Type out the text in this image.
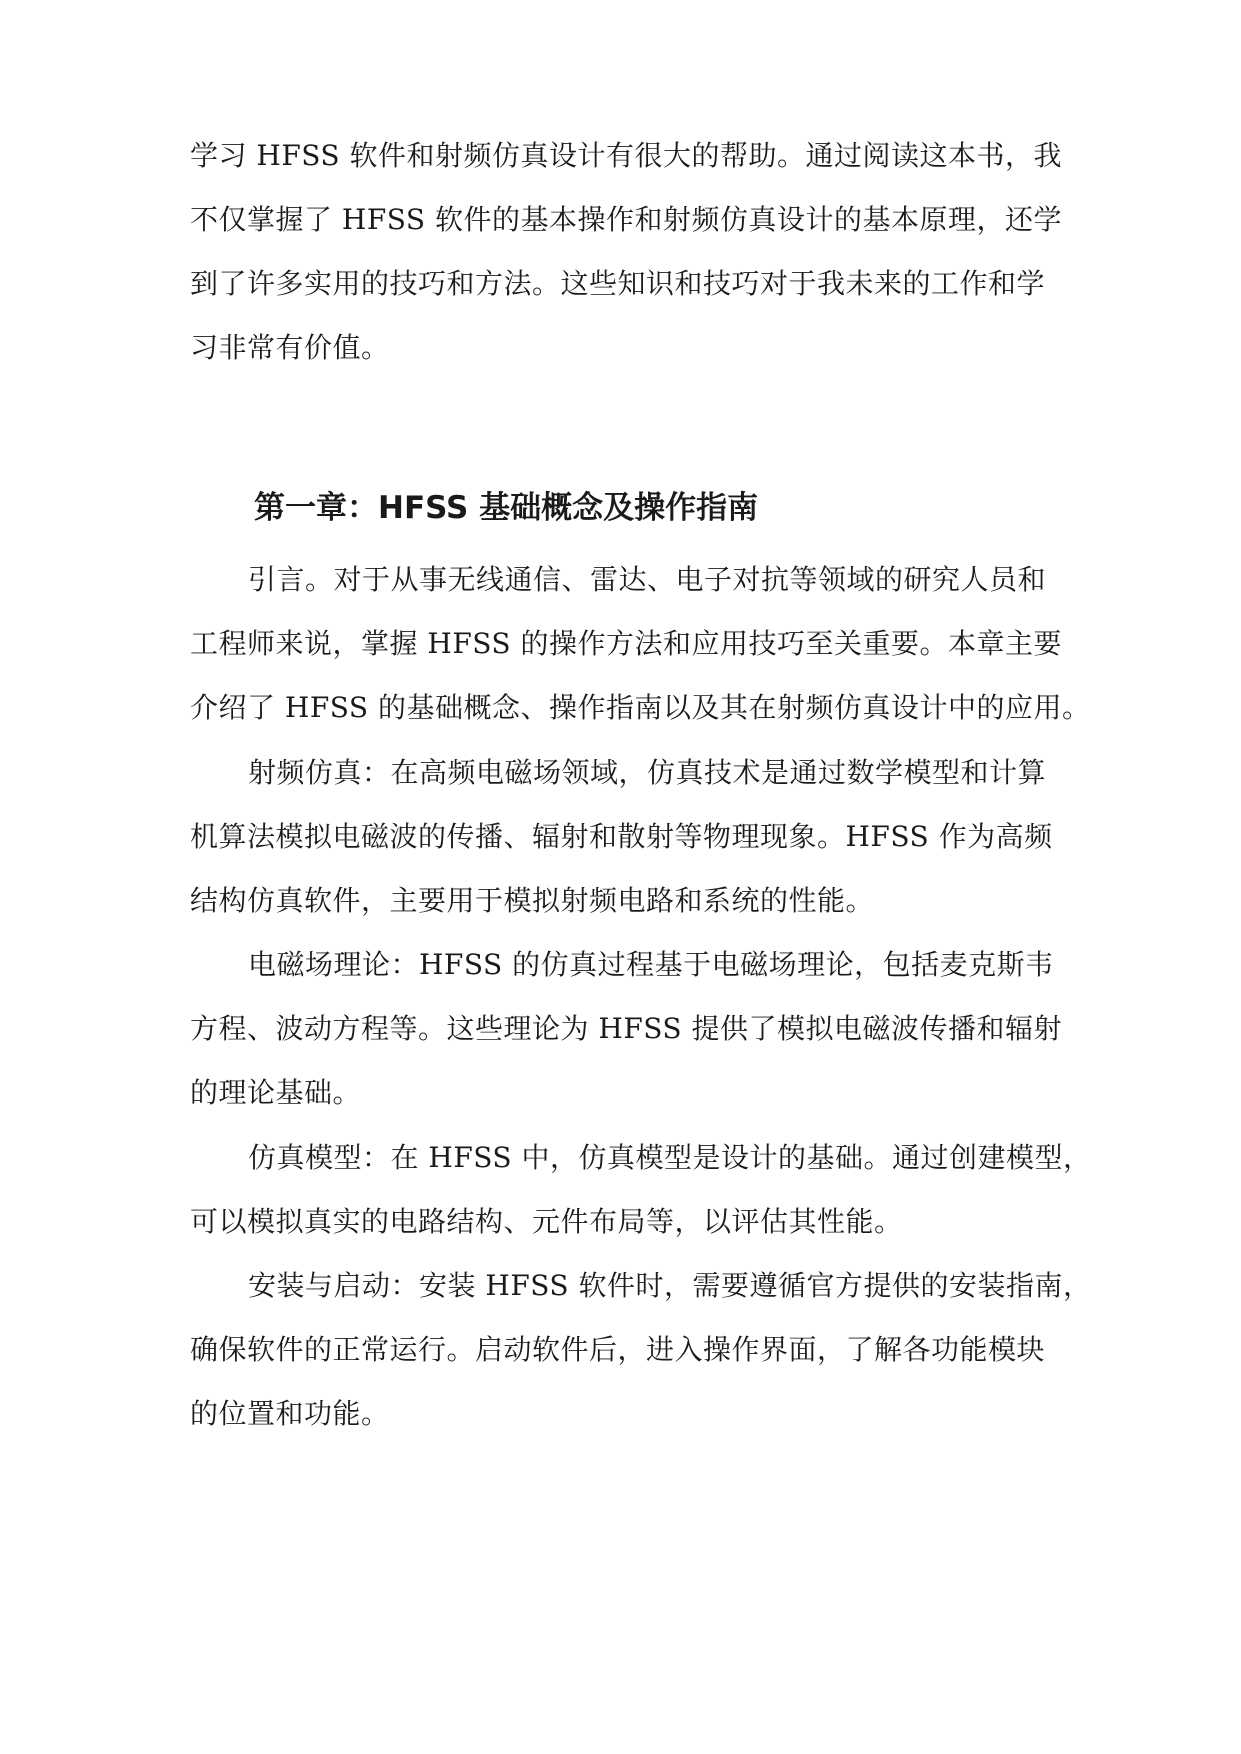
学习 HFSS 软件和射频仿真设计有很大的帮助。通过阅读这本书，我
不仅掌握了 HFSS 软件的基本操作和射频仿真设计的基本原理，还学
到了许多实用的技巧和方法。这些知识和技巧对于我未来的工作和学
习非常有价值。
第一章：HFSS 基础概念及操作指南
引言。对于从事无线通信、雷达、电子对抗等领域的研究人员和
工程师来说，掌握 HFSS 的操作方法和应用技巧至关重要。本章主要
介绍了 HFSS 的基础概念、操作指南以及其在射频仿真设计中的应用。
射频仿真：在高频电磁场领域，仿真技术是通过数学模型和计算
机算法模拟电磁波的传播、辐射和散射等物理现象。HFSS 作为高频
结构仿真软件，主要用于模拟射频电路和系统的性能。
电磁场理论：HFSS 的仿真过程基于电磁场理论，包括麦克斯韦
方程、波动方程等。这些理论为 HFSS 提供了模拟电磁波传播和辐射
的理论基础。
仿真模型：在 HFSS 中，仿真模型是设计的基础。通过创建模型，
可以模拟真实的电路结构、元件布局等，以评估其性能。
安装与启动：安装 HFSS 软件时，需要遵循官方提供的安装指南，
确保软件的正常运行。启动软件后，进入操作界面，了解各功能模块
的位置和功能。
